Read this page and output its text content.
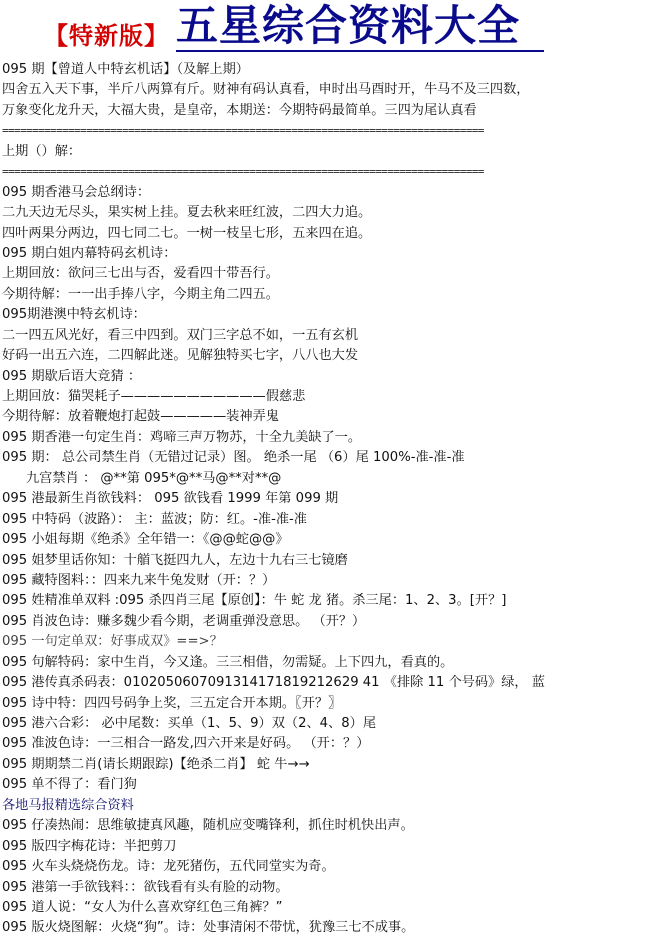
【特新版】 五星综合资料大全
095 期【曾道人中特玄机话】（及解上期）
四舍五入天下事，半斤八两算有斤。财神有码认真看，申时出马酉时开，牛马不及三四数，
万象变化龙升天，大福大贵，是皇帝，本期送：今期特码最简单。三四为尾认真看
================================================================================
上期（）解：
================================================================================
095 期香港马会总纲诗：
二九天边无尽头，果实树上挂。夏去秋来旺红波，二四大力追。
四叶两果分两边，四七同二七。一树一枝呈七形，五来四在追。
095 期白姐内幕特码玄机诗：
上期回放：欲问三七出与否，爱看四十带吾行。
今期待解：一一出手捧八字，今期主角二四五。
095期港澳中特玄机诗：
二一四五风光好，看三中四到。双门三字总不如，一五有玄机
好码一出五六连，二四解此迷。见解独特买七字，八八也大发
095 期歇后语大竞猜 ：
上期回放：猫哭耗子———————————假慈悲
今期待解：放着鞭炮打起鼓—————装神弄鬼
095 期香港一句定生肖：鸡啼三声万物苏，十全九美缺了一。
095 期： 总公司禁生肖（无错过记录）图。 绝杀一尾 （6）尾 100%-准-准-准
九宫禁肖 ： @**第 095*@**马@**对**@
095 港最新生肖欲钱料： 095 欲钱看 1999 年第 099 期
095 中特码（波路）： 主：蓝波；防：红。-准-准-准
095 小姐每期《绝杀》全年错一：《@@蛇@@》
095 姐梦里话你知：十艏飞挺四九人，左边十九右三七镜磨
095 藏特图料：：四来九来牛兔发财（开：？）
095 姓精准单双料 :095 杀四肖三尾【原创】：牛 蛇 龙 猪。杀三尾：1、2、3。[开？]
095 肖波色诗：赚多魏少看今期，老调重弹没意思。 （开？）
095 一句定单双：好事成双》==>？
095 句解特码：家中生肖，今又逢。三三相借，勿需疑。上下四九，看真的。
095 港传真杀码表：0102050607091314171819212629 41 《排除 11 个号码》绿， 蓝
095 诗中特：四四号码争上奖，三五定合开本期。〖开？〗
095 港六合彩： 必中尾数：买单（1、5、9）双（2、4、8）尾
095 准波色诗：一三相合一路发,四六开来是好码。 （开：？）
095 期期禁二肖(请长期跟踪)【绝杀二肖】 蛇 牛→→
095 单不得了：看门狗
各地马报精选综合资料
095 仔凑热闹：思维敏捷真风趣，随机应变嘴锋利，抓住时机快出声。
095 版四字梅花诗：半把剪刀
095 火车头烧烧伤龙。诗：龙死猪伤，五代同堂实为奇。
095 港第一手欲钱料：：欲钱看有头有脸的动物。
095 道人说：“女人为什么喜欢穿红色三角裤？”
095 版火烧图解：火烧“狗”。诗：处事清闲不带忧，犹豫三七不成事。
